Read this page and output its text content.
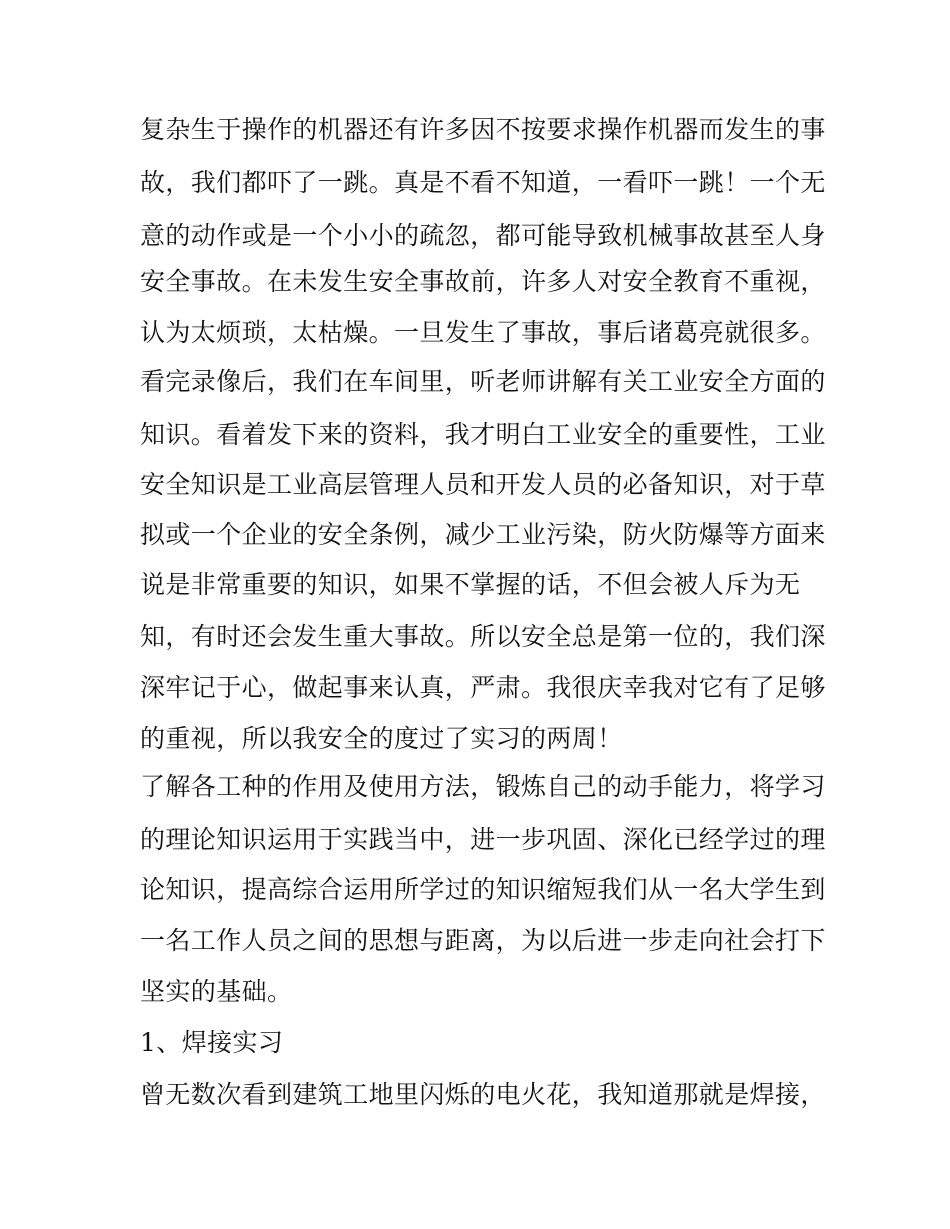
复杂生于操作的机器还有许多因不按要求操作机器而发生的事
故，我们都吓了一跳。真是不看不知道，一看吓一跳！一个无
意的动作或是一个小小的疏忽，都可能导致机械事故甚至人身
安全事故。在未发生安全事故前，许多人对安全教育不重视，
认为太烦琐，太枯燥。一旦发生了事故，事后诸葛亮就很多。
看完录像后，我们在车间里，听老师讲解有关工业安全方面的
知识。看着发下来的资料，我才明白工业安全的重要性，工业
安全知识是工业高层管理人员和开发人员的必备知识，对于草
拟或一个企业的安全条例，减少工业污染，防火防爆等方面来
说是非常重要的知识，如果不掌握的话，不但会被人斥为无
知，有时还会发生重大事故。所以安全总是第一位的，我们深
深牢记于心，做起事来认真，严肃。我很庆幸我对它有了足够
的重视，所以我安全的度过了实习的两周！
了解各工种的作用及使用方法，锻炼自己的动手能力，将学习
的理论知识运用于实践当中，进一步巩固、深化已经学过的理
论知识，提高综合运用所学过的知识缩短我们从一名大学生到
一名工作人员之间的思想与距离，为以后进一步走向社会打下
坚实的基础。
1、焊接实习
曾无数次看到建筑工地里闪烁的电火花，我知道那就是焊接，
